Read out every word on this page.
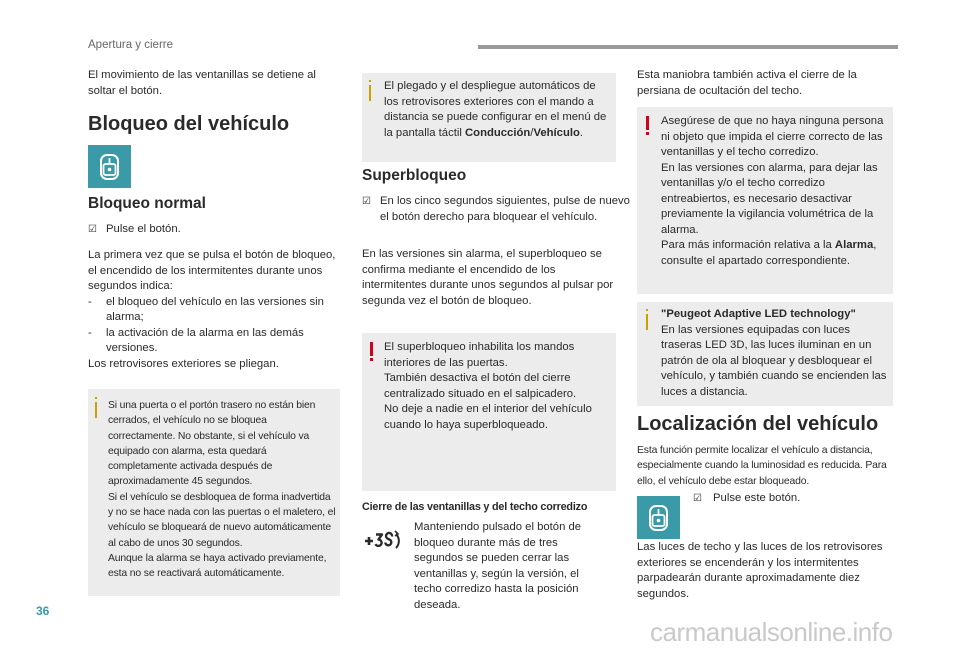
Apertura y cierre
El movimiento de las ventanillas se detiene al soltar el botón.
Bloqueo del vehículo
Bloqueo normal
☑ Pulse el botón.

La primera vez que se pulsa el botón de bloqueo, el encendido de los intermitentes durante unos segundos indica:

- el bloqueo del vehículo en las versiones sin alarma;

- la activación de la alarma en las demás versiones.

Los retrovisores exteriores se pliegan.

Si una puerta o el portón trasero no están bien cerrados, el vehículo no se bloquea correctamente. No obstante, si el vehículo va equipado con alarma, esta quedará completamente activada después de aproximadamente 45 segundos.
Si el vehículo se desbloquea de forma inadvertida y no se hace nada con las puertas o el maletero, el vehículo se bloqueará de nuevo automáticamente al cabo de unos 30 segundos.
Aunque la alarma se haya activado previamente, esta no se reactivará automáticamente.
El plegado y el despliegue automáticos de los retrovisores exteriores con el mando a distancia se puede configurar en el menú de la pantalla táctil Conducción/Vehículo.
Superbloqueo
☑ En los cinco segundos siguientes, pulse de nuevo el botón derecho para bloquear el vehículo.
En las versiones sin alarma, el superbloqueo se confirma mediante el encendido de los intermitentes durante unos segundos al pulsar por segunda vez el botón de bloqueo.
El superbloqueo inhabilita los mandos interiores de las puertas.
También desactiva el botón del cierre centralizado situado en el salpicadero.
No deje a nadie en el interior del vehículo cuando lo haya superbloqueado.
Cierre de las ventanillas y del techo corredizo
Manteniendo pulsado el botón de bloqueo durante más de tres segundos se pueden cerrar las ventanillas y, según la versión, el techo corredizo hasta la posición deseada.
Esta maniobra también activa el cierre de la persiana de ocultación del techo.
Asegúrese de que no haya ninguna persona ni objeto que impida el cierre correcto de las ventanillas y el techo corredizo.
En las versiones con alarma, para dejar las ventanillas y/o el techo corredizo entreabiertos, es necesario desactivar previamente la vigilancia volumétrica de la alarma.
Para más información relativa a la Alarma, consulte el apartado correspondiente.

"Peugeot Adaptive LED technology"

En las versiones equipadas con luces traseras LED 3D, las luces iluminan en un patrón de ola al bloquear y desbloquear el vehículo, y también cuando se encienden las luces a distancia.

Localización del vehículo
Esta función permite localizar el vehículo a distancia, especialmente cuando la luminosidad es reducida. Para ello, el vehículo debe estar bloqueado.
☑ Pulse este botón.
Las luces de techo y las luces de los retrovisores exteriores se encenderán y los intermitentes parpadearán durante aproximadamente diez segundos.
36
carmanualsonline.info
